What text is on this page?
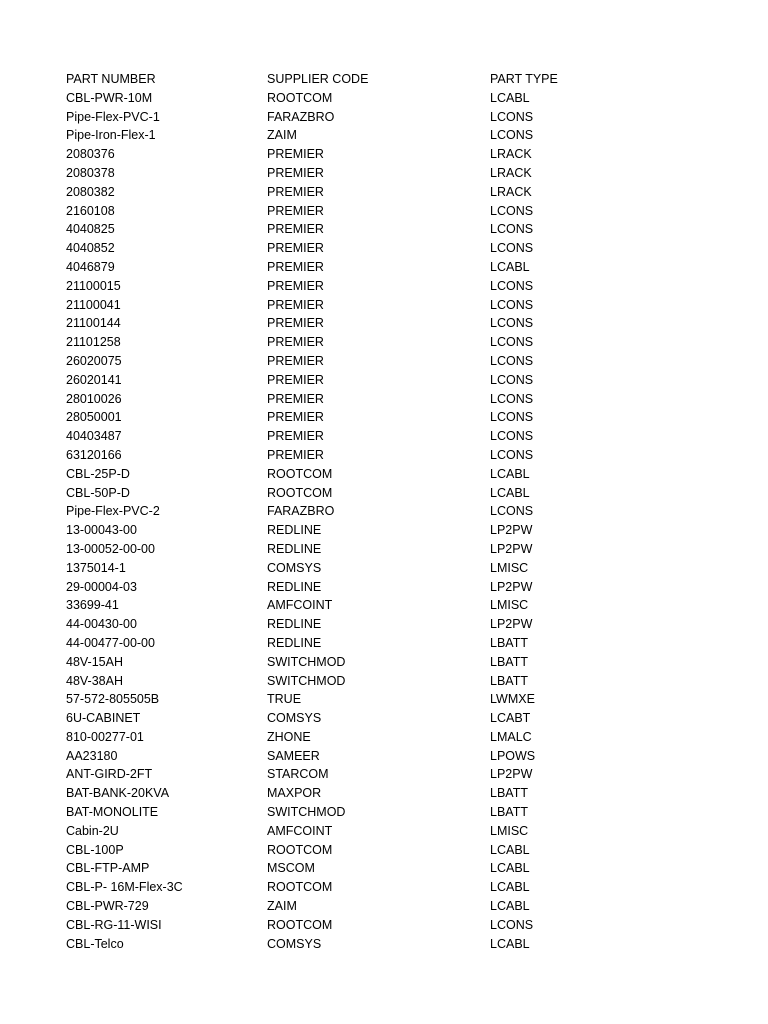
PART NUMBER	SUPPLIER CODE	PART TYPE
CBL-PWR-10M	ROOTCOM	LCABL
Pipe-Flex-PVC-1	FARAZBRO	LCONS
Pipe-Iron-Flex-1	ZAIM	LCONS
2080376	PREMIER	LRACK
2080378	PREMIER	LRACK
2080382	PREMIER	LRACK
2160108	PREMIER	LCONS
4040825	PREMIER	LCONS
4040852	PREMIER	LCONS
4046879	PREMIER	LCABL
21100015	PREMIER	LCONS
21100041	PREMIER	LCONS
21100144	PREMIER	LCONS
21101258	PREMIER	LCONS
26020075	PREMIER	LCONS
26020141	PREMIER	LCONS
28010026	PREMIER	LCONS
28050001	PREMIER	LCONS
40403487	PREMIER	LCONS
63120166	PREMIER	LCONS
CBL-25P-D	ROOTCOM	LCABL
CBL-50P-D	ROOTCOM	LCABL
Pipe-Flex-PVC-2	FARAZBRO	LCONS
13-00043-00	REDLINE	LP2PW
13-00052-00-00	REDLINE	LP2PW
1375014-1	COMSYS	LMISC
29-00004-03	REDLINE	LP2PW
33699-41	AMFCOINT	LMISC
44-00430-00	REDLINE	LP2PW
44-00477-00-00	REDLINE	LBATT
48V-15AH	SWITCHMOD	LBATT
48V-38AH	SWITCHMOD	LBATT
57-572-805505B	TRUE	LWMXE
6U-CABINET	COMSYS	LCABT
810-00277-01	ZHONE	LMALC
AA23180	SAMEER	LPOWS
ANT-GIRD-2FT	STARCOM	LP2PW
BAT-BANK-20KVA	MAXPOR	LBATT
BAT-MONOLITE	SWITCHMOD	LBATT
Cabin-2U	AMFCOINT	LMISC
CBL-100P	ROOTCOM	LCABL
CBL-FTP-AMP	MSCOM	LCABL
CBL-P- 16M-Flex-3C	ROOTCOM	LCABL
CBL-PWR-729	ZAIM	LCABL
CBL-RG-11-WISI	ROOTCOM	LCONS
CBL-Telco	COMSYS	LCABL
